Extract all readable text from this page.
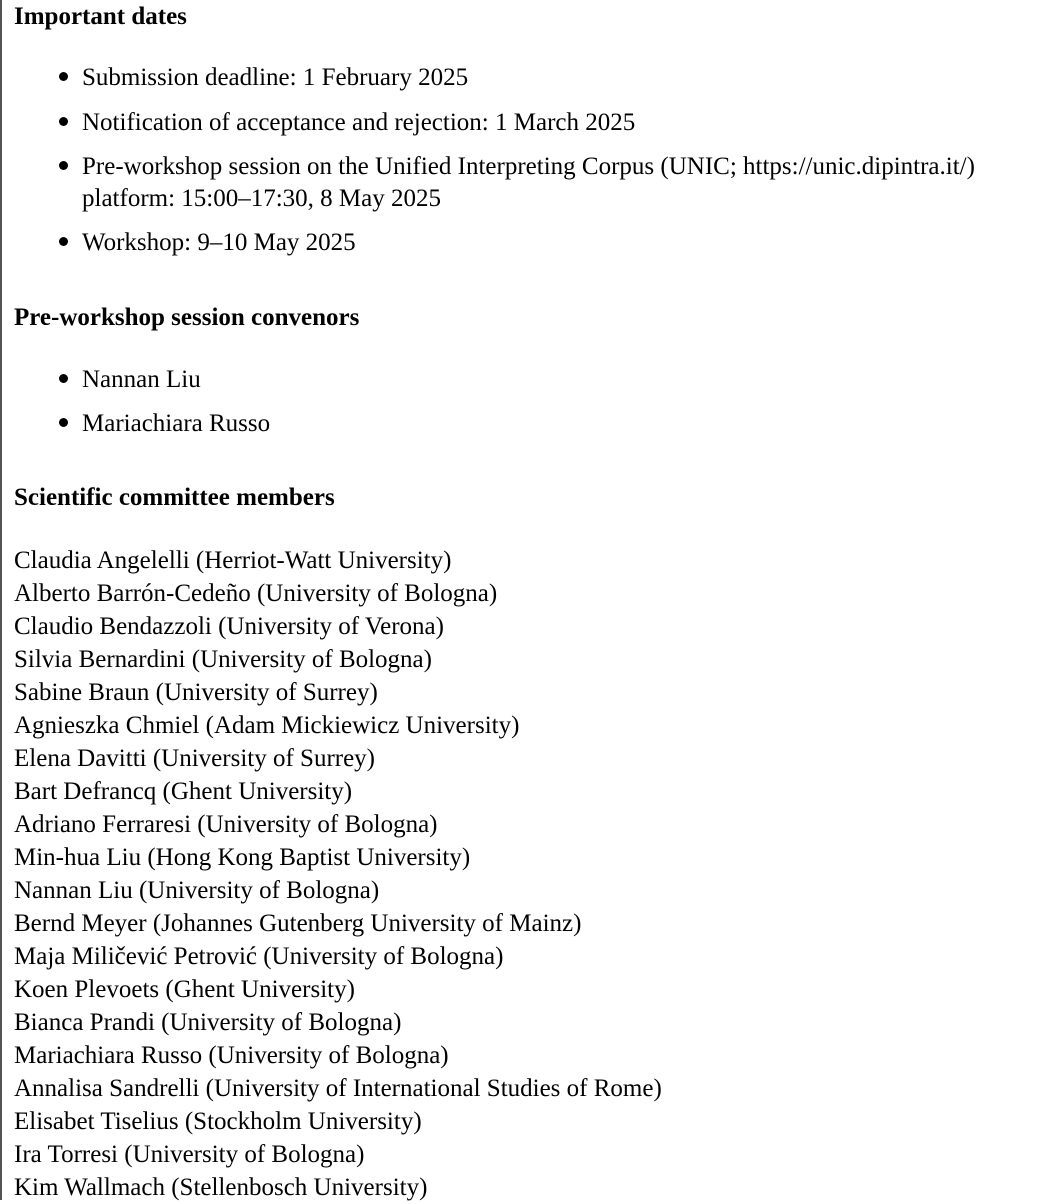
Important dates
Submission deadline: 1 February 2025
Notification of acceptance and rejection: 1 March 2025
Pre-workshop session on the Unified Interpreting Corpus (UNIC; https://unic.dipintra.it/)
platform: 15:00–17:30, 8 May 2025
Workshop: 9–10 May 2025
Pre-workshop session convenors
Nannan Liu
Mariachiara Russo
Scientific committee members
Claudia Angelelli (Herriot-Watt University)
Alberto Barrón-Cedeño (University of Bologna)
Claudio Bendazzoli (University of Verona)
Silvia Bernardini (University of Bologna)
Sabine Braun (University of Surrey)
Agnieszka Chmiel (Adam Mickiewicz University)
Elena Davitti (University of Surrey)
Bart Defrancq (Ghent University)
Adriano Ferraresi (University of Bologna)
Min-hua Liu (Hong Kong Baptist University)
Nannan Liu (University of Bologna)
Bernd Meyer (Johannes Gutenberg University of Mainz)
Maja Miličević Petrović (University of Bologna)
Koen Plevoets (Ghent University)
Bianca Prandi (University of Bologna)
Mariachiara Russo (University of Bologna)
Annalisa Sandrelli (University of International Studies of Rome)
Elisabet Tiselius (Stockholm University)
Ira Torresi (University of Bologna)
Kim Wallmach (Stellenbosch University)
